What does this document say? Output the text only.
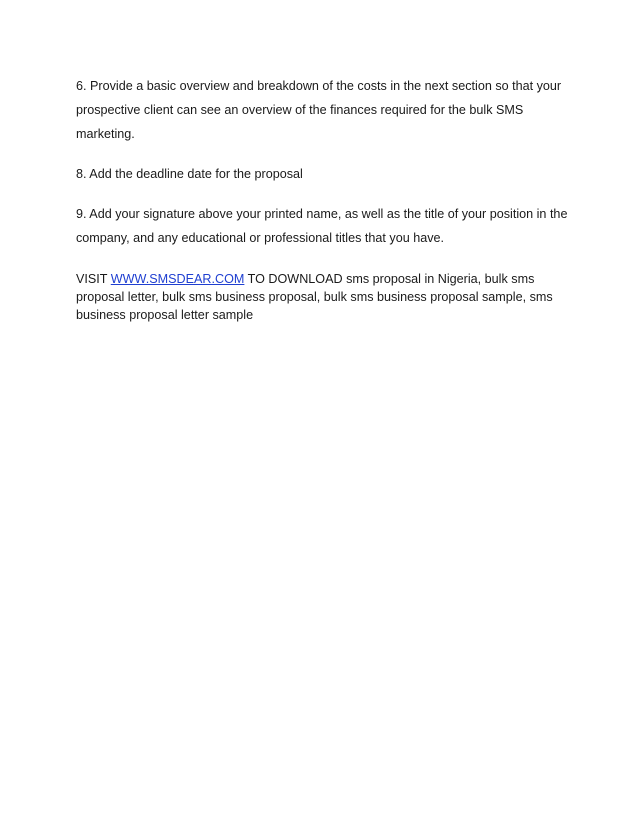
6. Provide a basic overview and breakdown of the costs in the next section so that your prospective client can see an overview of the finances required for the bulk SMS marketing.

8. Add the deadline date for the proposal

9. Add your signature above your printed name, as well as the title of your position in the company, and any educational or professional titles that you have.

VISIT WWW.SMSDEAR.COM TO DOWNLOAD sms proposal in Nigeria, bulk sms proposal letter, bulk sms business proposal, bulk sms business proposal sample, sms business proposal letter sample
